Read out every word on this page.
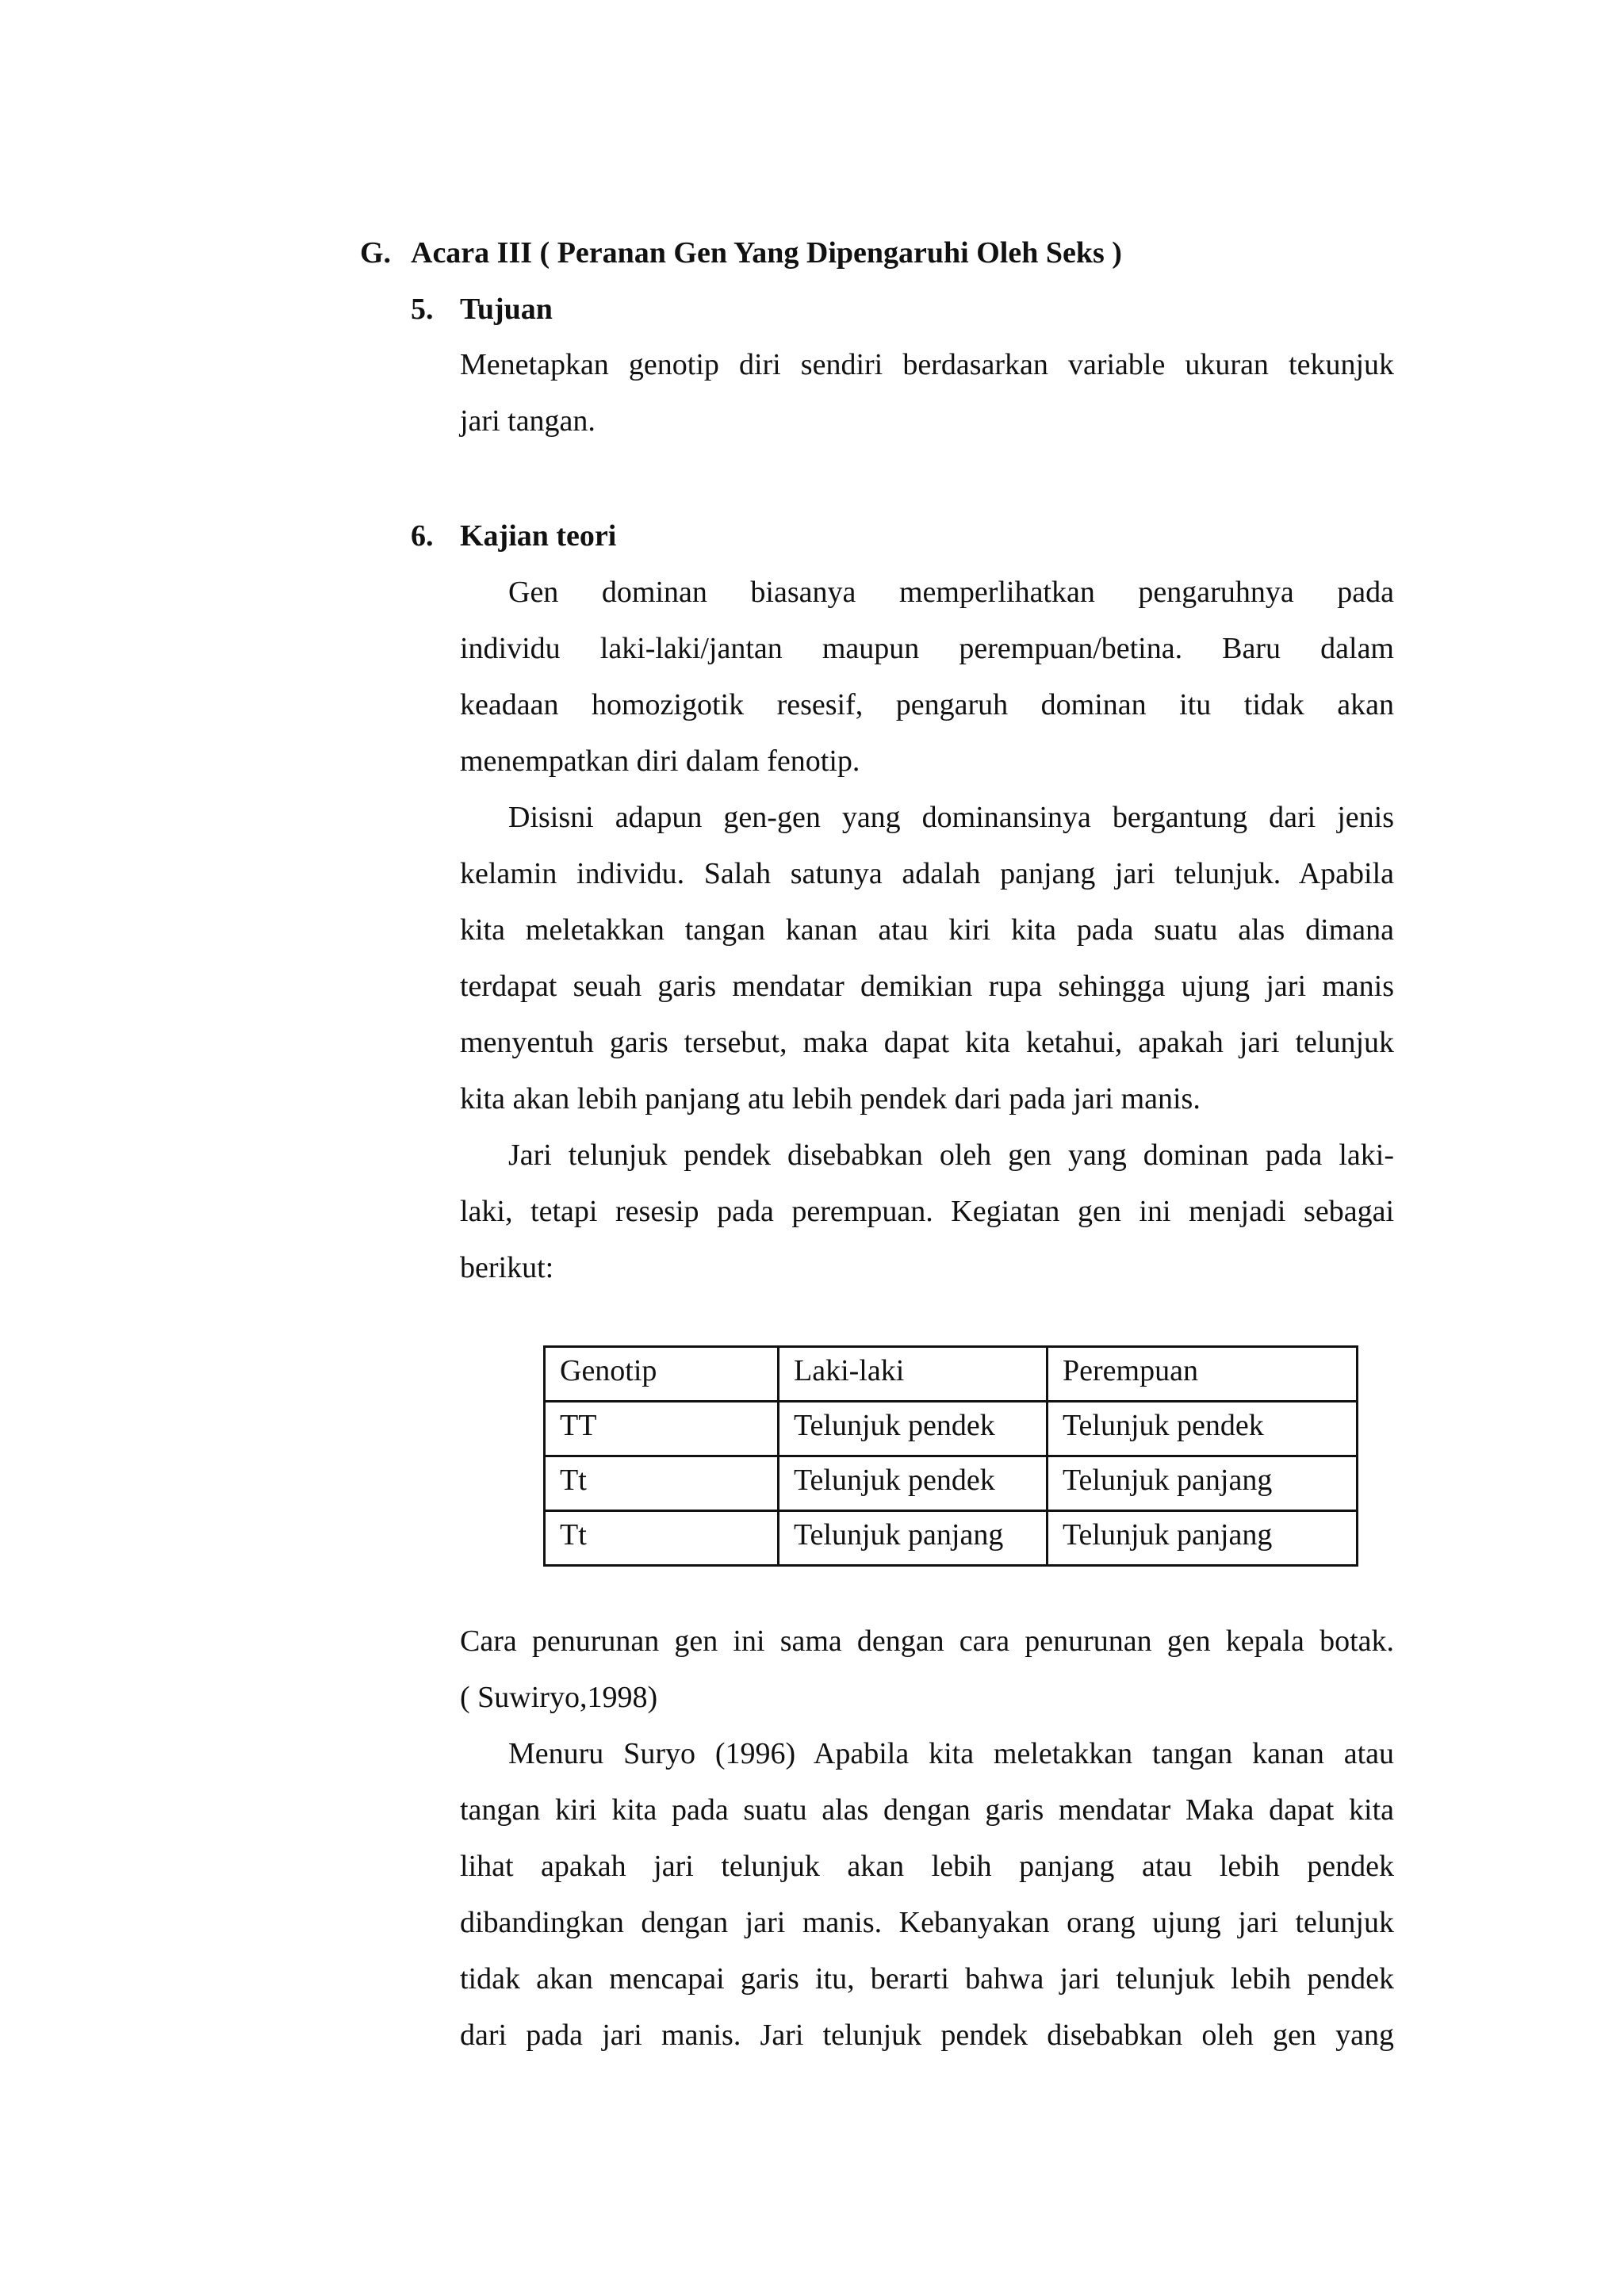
G. Acara III ( Peranan Gen Yang Dipengaruhi Oleh Seks )
5. Tujuan
Menetapkan genotip diri sendiri berdasarkan variable ukuran tekunjuk
jari tangan.
6. Kajian teori
Gen dominan biasanya memperlihatkan pengaruhnya pada
individu laki-laki/jantan maupun perempuan/betina. Baru dalam
keadaan homozigotik resesif, pengaruh dominan itu tidak akan
menempatkan diri dalam fenotip.
Disisni adapun gen-gen yang dominansinya bergantung dari jenis
kelamin individu. Salah satunya adalah panjang jari telunjuk. Apabila
kita meletakkan tangan kanan atau kiri kita pada suatu alas dimana
terdapat seuah garis mendatar demikian rupa sehingga ujung jari manis
menyentuh garis tersebut, maka dapat kita ketahui, apakah jari telunjuk
kita akan lebih panjang atu lebih pendek dari pada jari manis.
Jari telunjuk pendek disebabkan oleh gen yang dominan pada laki-
laki, tetapi resesip pada perempuan. Kegiatan gen ini menjadi sebagai
berikut:
Genotip	Laki-laki	Perempuan
TT	Telunjuk pendek	Telunjuk pendek
Tt	Telunjuk pendek	Telunjuk panjang
Tt	Telunjuk panjang	Telunjuk panjang
Cara penurunan gen ini sama dengan cara penurunan gen kepala botak.
( Suwiryo,1998)
Menuru Suryo (1996) Apabila kita meletakkan tangan kanan atau
tangan kiri kita pada suatu alas dengan garis mendatar Maka dapat kita
lihat apakah jari telunjuk akan lebih panjang atau lebih pendek
dibandingkan dengan jari manis. Kebanyakan orang ujung jari telunjuk
tidak akan mencapai garis itu, berarti bahwa jari telunjuk lebih pendek
dari pada jari manis. Jari telunjuk pendek disebabkan oleh gen yang
